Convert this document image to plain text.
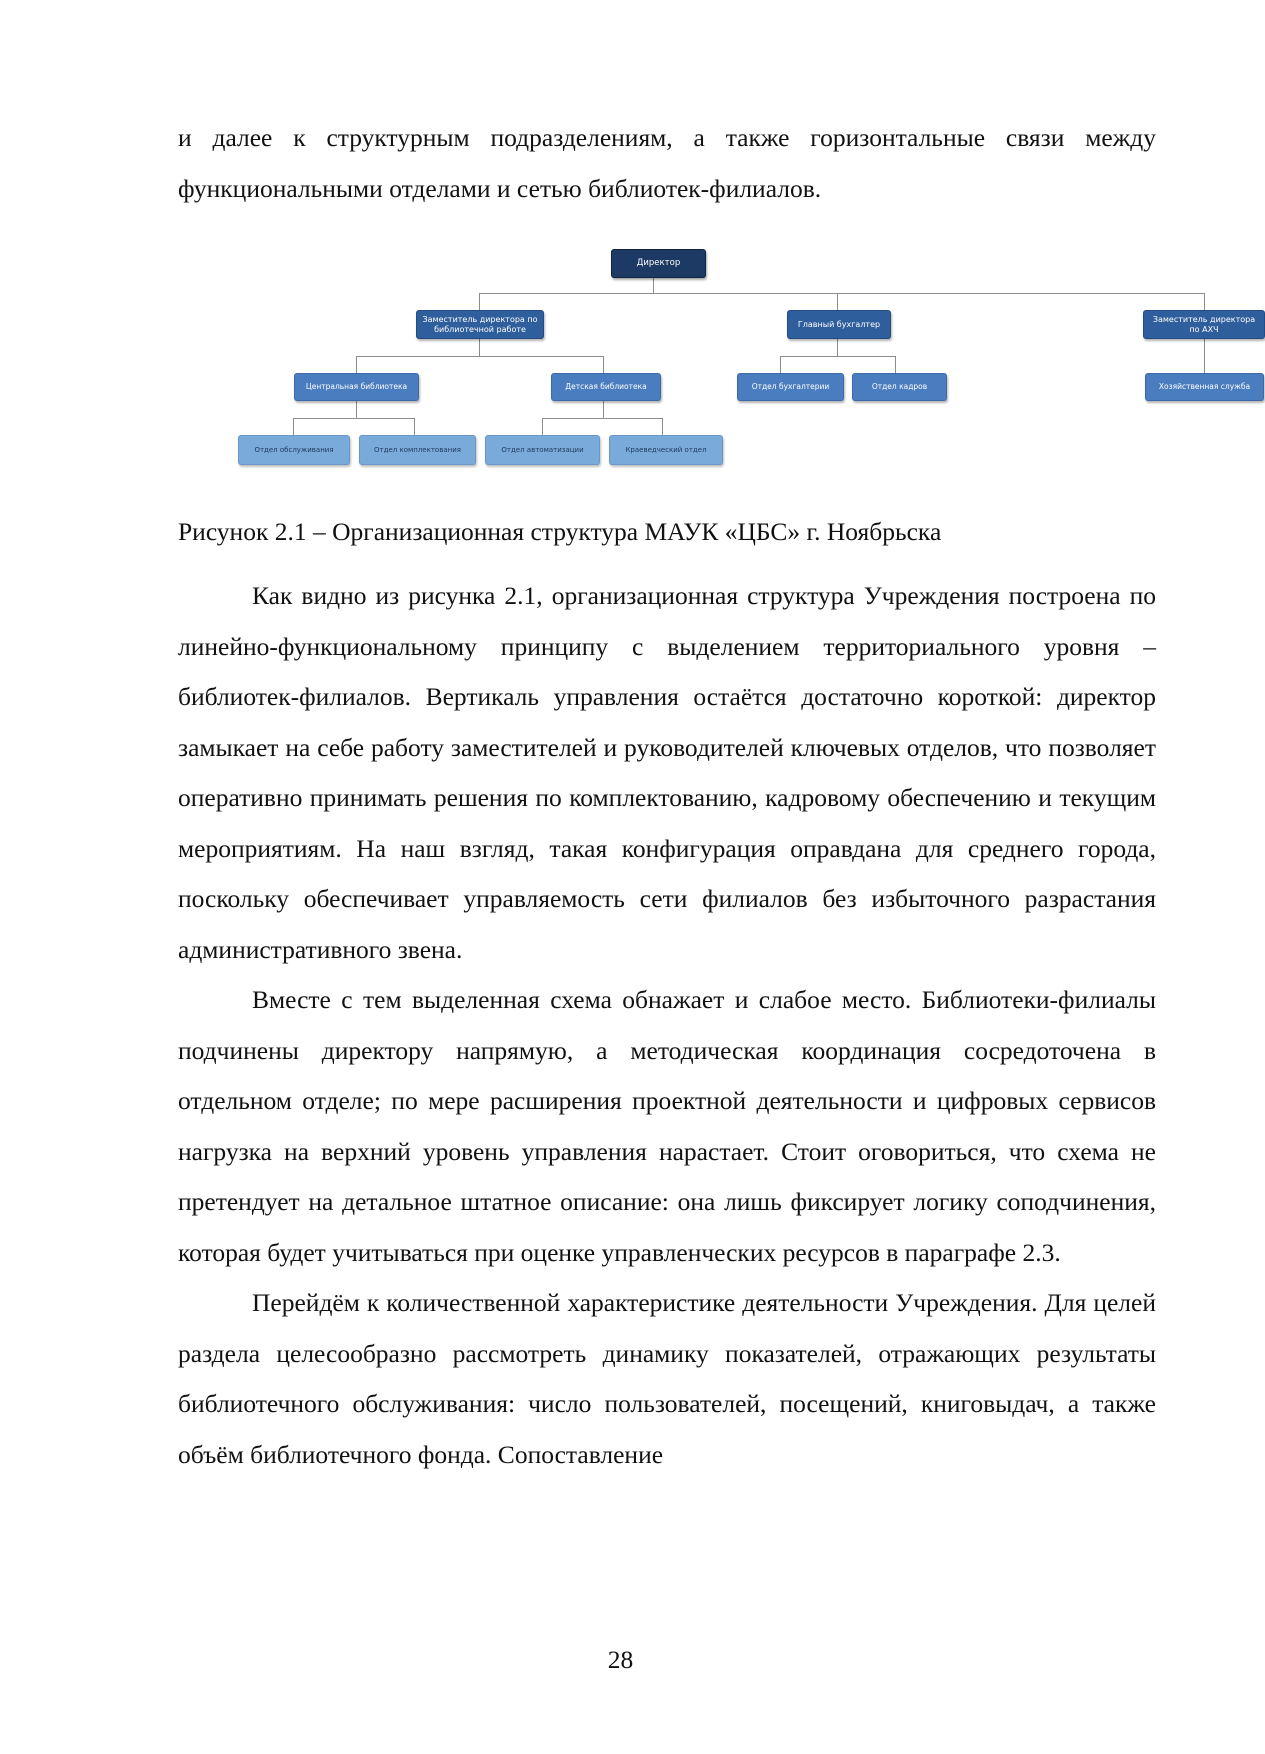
и далее к структурным подразделениям, а также горизонтальные связи между функциональными отделами и сетью библиотек-филиалов.

Директор
Заместитель директора по библиотечной работе
Главный бухгалтер
Заместитель директора по АХЧ
Центральная библиотека	Детская библиотека	Отдел бухгалтерии	Отдел кадров	Хозяйственная служба
Отдел обслуживания	Отдел комплектования	Отдел автоматизации	Краеведческий отдел
Рисунок 2.1 – Организационная структура МАУК «ЦБС» г. Ноябрьска

Как видно из рисунка 2.1, организационная структура Учреждения построена по линейно-функциональному принципу с выделением территориального уровня – библиотек-филиалов. Вертикаль управления остаётся достаточно короткой: директор замыкает на себе работу заместителей и руководителей ключевых отделов, что позволяет оперативно принимать решения по комплектованию, кадровому обеспечению и текущим мероприятиям. На наш взгляд, такая конфигурация оправдана для среднего города, поскольку обеспечивает управляемость сети филиалов без избыточного разрастания административного звена.

Вместе с тем выделенная схема обнажает и слабое место. Библиотеки-филиалы подчинены директору напрямую, а методическая координация сосредоточена в отдельном отделе; по мере расширения проектной деятельности и цифровых сервисов нагрузка на верхний уровень управления нарастает. Стоит оговориться, что схема не претендует на детальное штатное описание: она лишь фиксирует логику соподчинения, которая будет учитываться при оценке управленческих ресурсов в параграфе 2.3.

Перейдём к количественной характеристике деятельности Учреждения. Для целей раздела целесообразно рассмотреть динамику показателей, отражающих результаты библиотечного обслуживания: число пользователей, посещений, книговыдач, а также объём библиотечного фонда. Сопоставление

28
